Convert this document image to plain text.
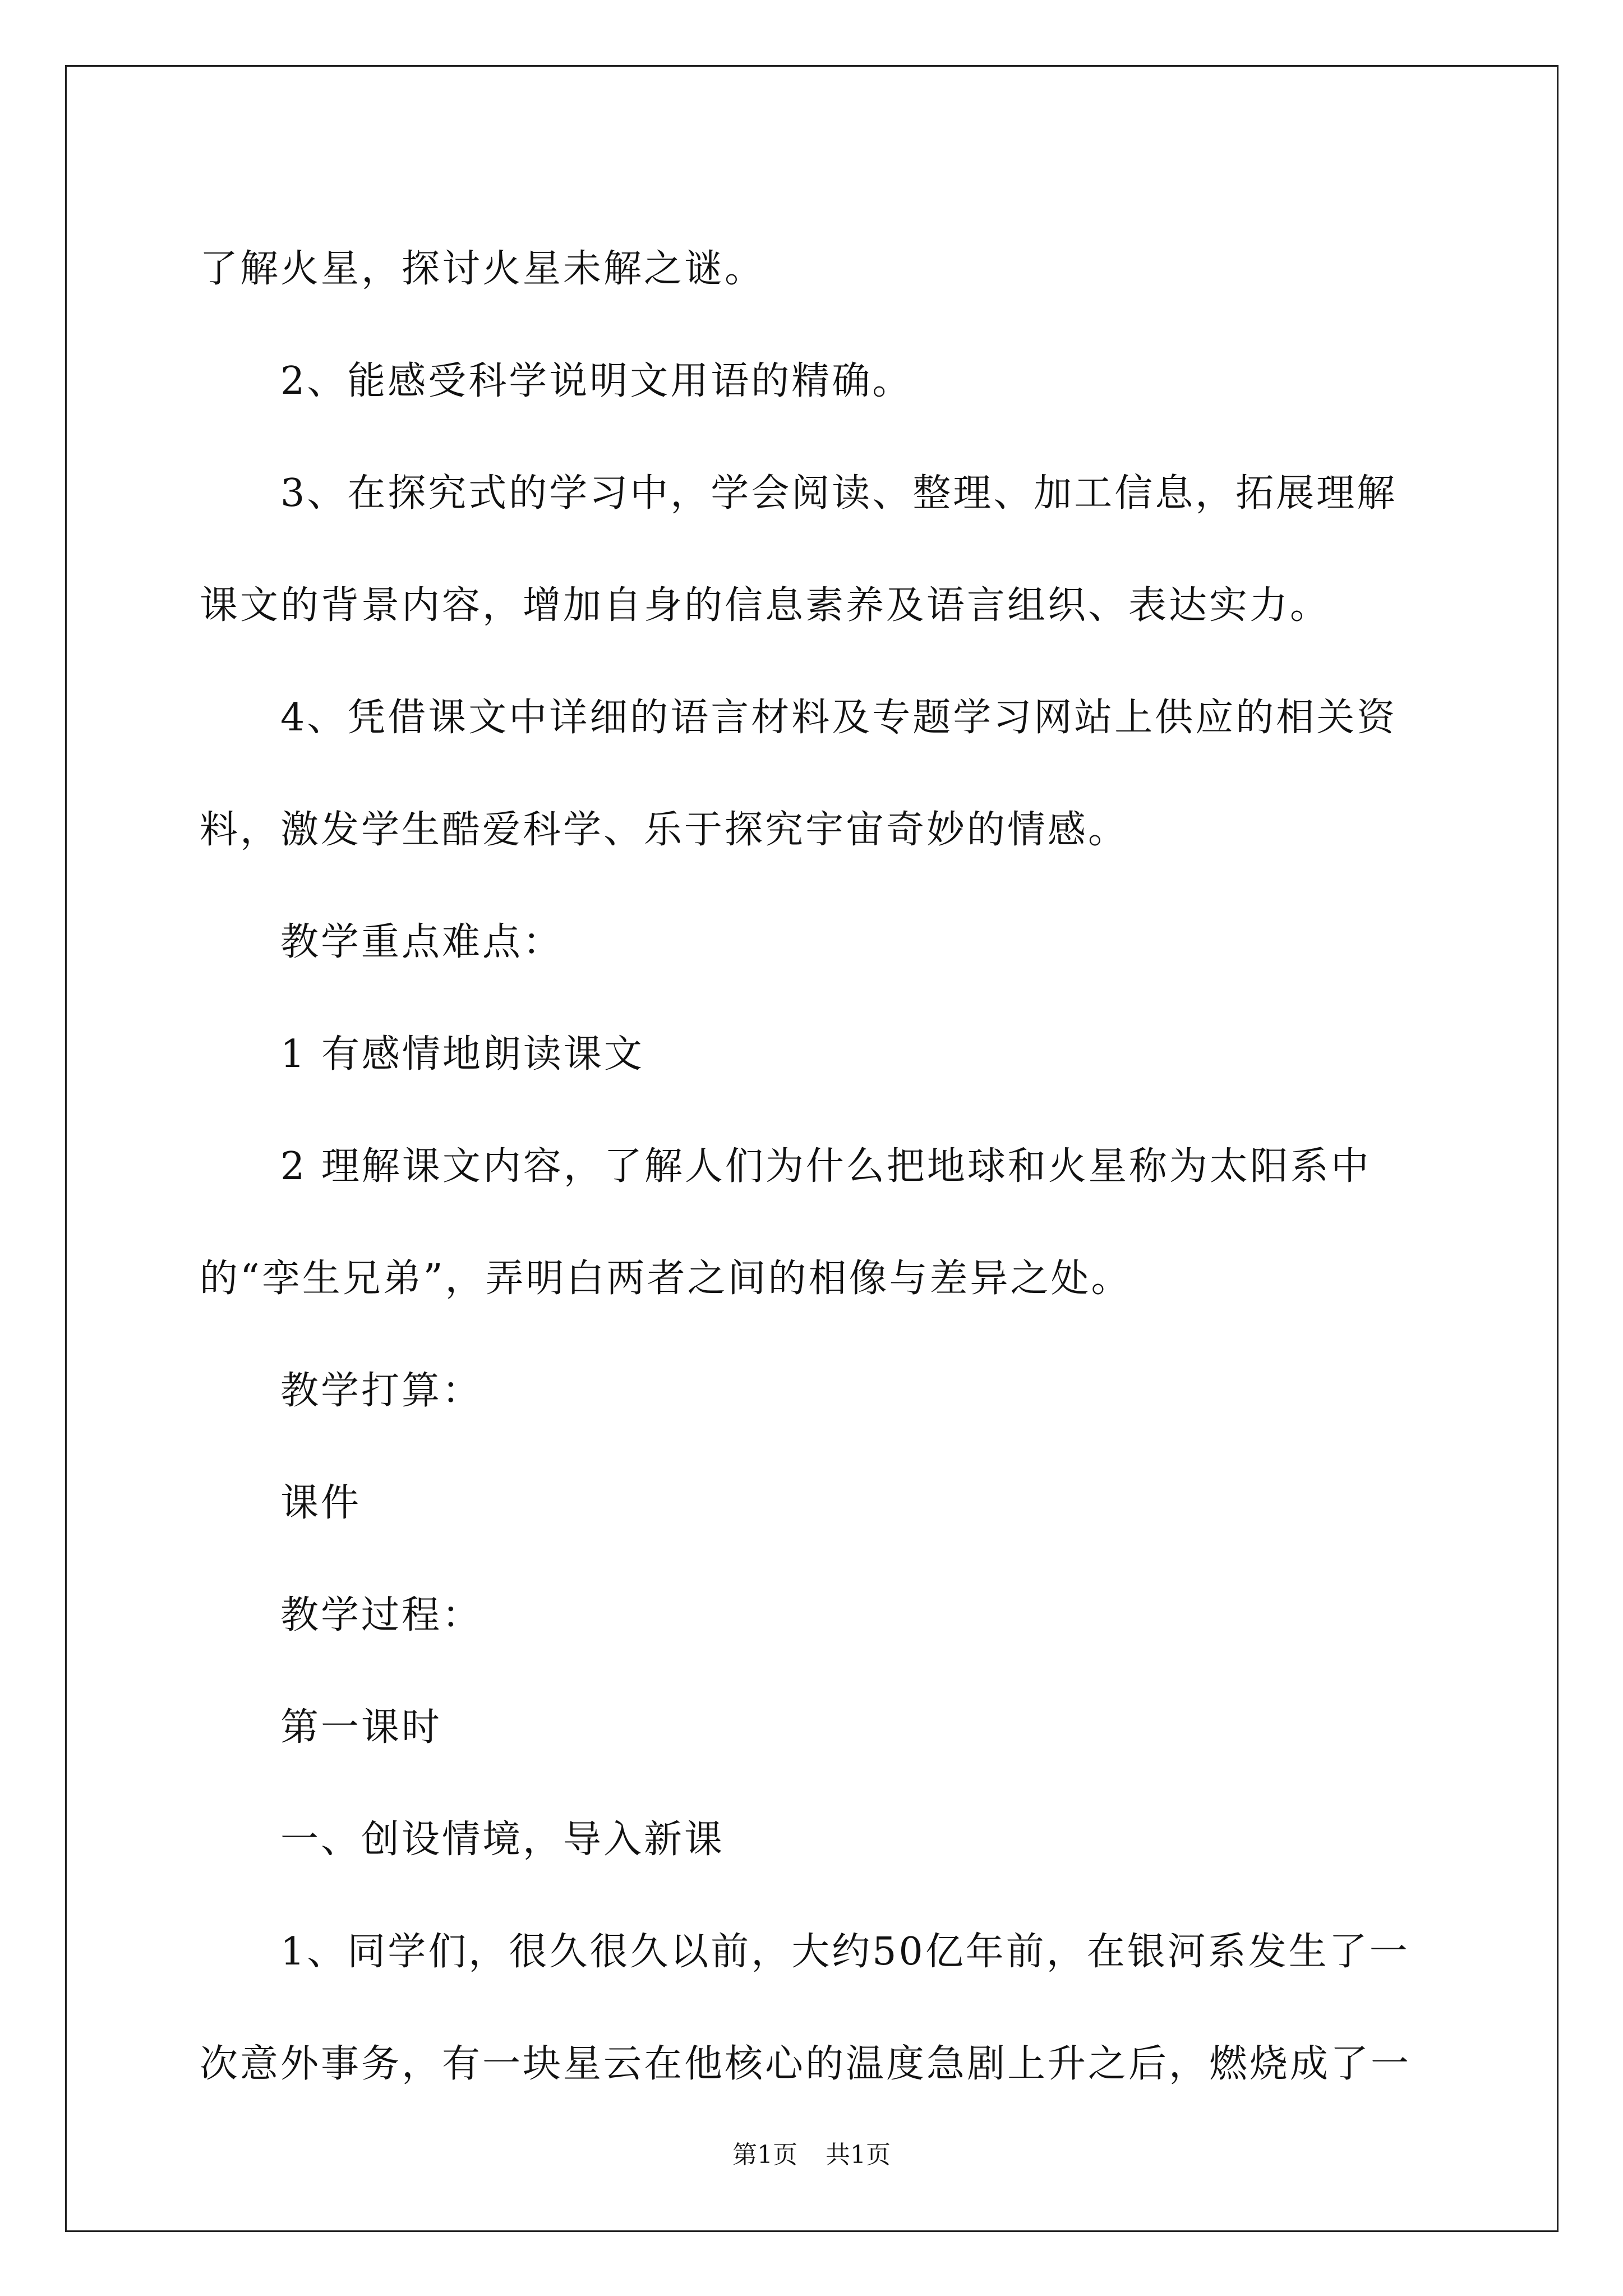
了解火星，探讨火星未解之谜。

2、能感受科学说明文用语的精确。

3、在探究式的学习中，学会阅读、整理、加工信息，拓展理解课文的背景内容，增加自身的信息素养及语言组织、表达实力。

4、凭借课文中详细的语言材料及专题学习网站上供应的相关资料，激发学生酷爱科学、乐于探究宇宙奇妙的情感。

教学重点难点：

1 有感情地朗读课文

2 理解课文内容，了解人们为什么把地球和火星称为太阳系中的“孪生兄弟”，弄明白两者之间的相像与差异之处。

教学打算：

课件

教学过程：

第一课时

一、创设情境，导入新课

1、同学们，很久很久以前，大约50亿年前，在银河系发生了一次意外事务，有一块星云在他核心的温度急剧上升之后，燃烧成了一

第1页 共1页
